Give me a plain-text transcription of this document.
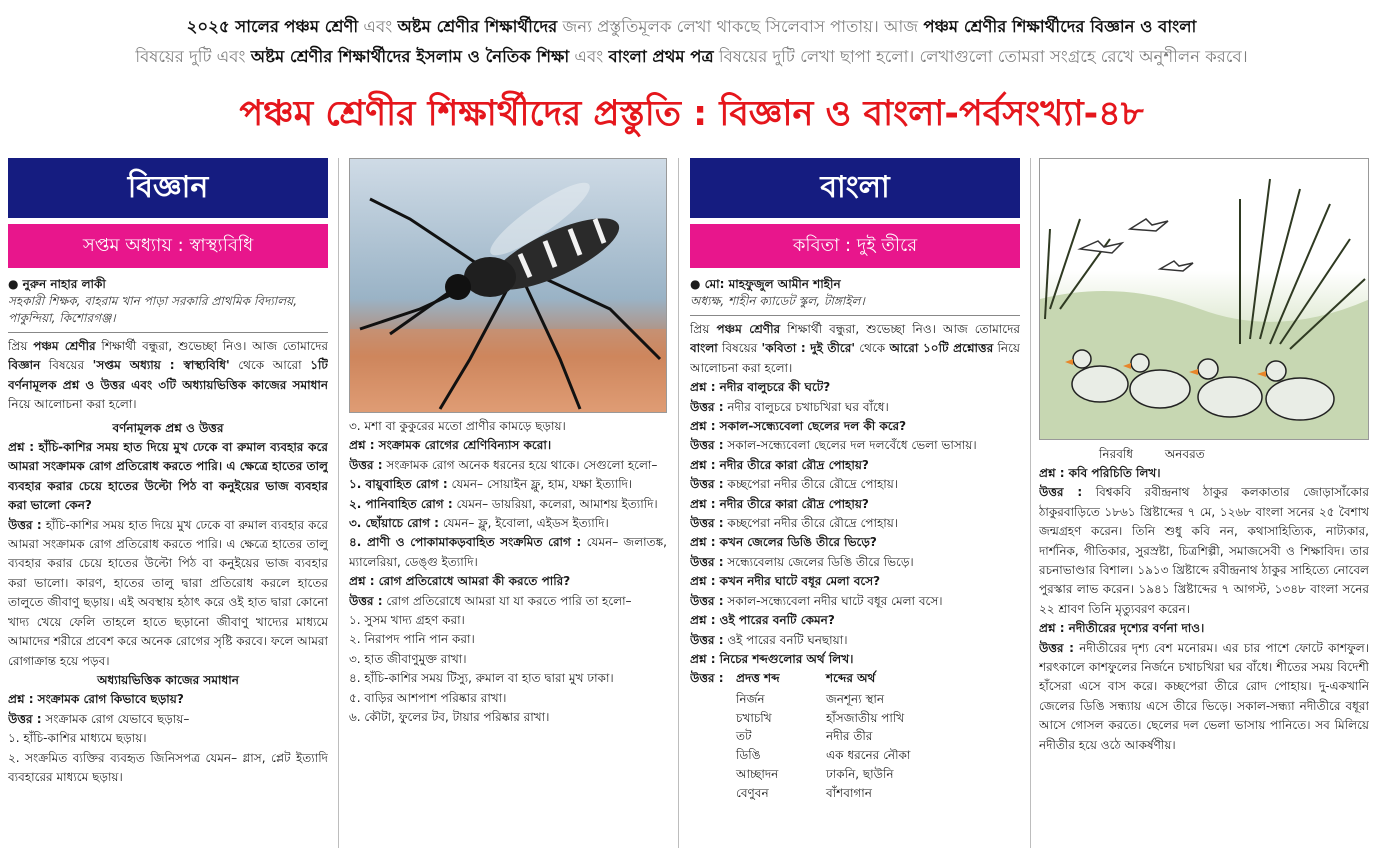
২০২৫ সালের পঞ্চম শ্রেণী এবং অষ্টম শ্রেণীর শিক্ষার্থীদের জন্য প্রস্তুতিমূলক লেখা থাকছে সিলেবাস পাতায়। আজ পঞ্চম শ্রেণীর শিক্ষার্থীদের বিজ্ঞান ও বাংলা
বিষয়ের দুটি এবং অষ্টম শ্রেণীর শিক্ষার্থীদের ইসলাম ও নৈতিক শিক্ষা এবং বাংলা প্রথম পত্র বিষয়ের দুটি লেখা ছাপা হলো। লেখাগুলো তোমরা সংগ্রহে রেখে অনুশীলন করবে।
পঞ্চম শ্রেণীর শিক্ষার্থীদের প্রস্তুতি : বিজ্ঞান ও বাংলা-পর্বসংখ্যা-৪৮
বিজ্ঞান
সপ্তম অধ্যায় : স্বাস্থ্যবিধি
● নুরুন নাহার লাকী
সহকারী শিক্ষক, বাহরাম খান পাড়া সরকারি প্রাথমিক বিদ্যালয়, পাকুন্দিয়া, কিশোরগঞ্জ।

প্রিয় পঞ্চম শ্রেণীর শিক্ষার্থী বন্ধুরা, শুভেচ্ছা নিও। আজ তোমাদের বিজ্ঞান বিষয়ের 'সপ্তম অধ্যায় : স্বাস্থ্যবিধি' থেকে আরো ১টি বর্ণনামূলক প্রশ্ন ও উত্তর এবং ৩টি অধ্যায়ভিত্তিক কাজের সমাধান নিয়ে আলোচনা করা হলো।

বর্ণনামূলক প্রশ্ন ও উত্তর

প্রশ্ন : হাঁচি-কাশির সময় হাত দিয়ে মুখ ঢেকে বা রুমাল ব্যবহার করে আমরা সংক্রামক রোগ প্রতিরোধ করতে পারি। এ ক্ষেত্রে হাতের তালু ব্যবহার করার চেয়ে হাতের উল্টো পিঠ বা কনুইয়ের ভাজ ব্যবহার করা ভালো কেন?

উত্তর : হাঁচি-কাশির সময় হাত দিয়ে মুখ ঢেকে বা রুমাল ব্যবহার করে আমরা সংক্রামক রোগ প্রতিরোধ করতে পারি। এ ক্ষেত্রে হাতের তালু ব্যবহার করার চেয়ে হাতের উল্টো পিঠ বা কনুইয়ের ভাজ ব্যবহার করা ভালো। কারণ, হাতের তালু দ্বারা প্রতিরোধ করলে হাতের তালুতে জীবাণু ছড়ায়। এই অবস্থায় হঠাৎ করে ওই হাত দ্বারা কোনো খাদ্য খেয়ে ফেলি তাহলে হাতে ছড়ানো জীবাণু খাদ্যের মাধ্যমে আমাদের শরীরে প্রবেশ করে অনেক রোগের সৃষ্টি করবে। ফলে আমরা রোগাক্রান্ত হয়ে পড়ব।

অধ্যায়ভিত্তিক কাজের সমাধান

প্রশ্ন : সংক্রামক রোগ কিভাবে ছড়ায়?

উত্তর : সংক্রামক রোগ যেভাবে ছড়ায়–

১. হাঁচি-কাশির মাধ্যমে ছড়ায়।

২. সংক্রমিত ব্যক্তির ব্যবহৃত জিনিসপত্র যেমন– গ্লাস, প্লেট ইত্যাদি ব্যবহারের মাধ্যমে ছড়ায়।

৩. মশা বা কুকুরের মতো প্রাণীর কামড়ে ছড়ায়।

প্রশ্ন : সংক্রামক রোগের শ্রেণিবিন্যাস করো।

উত্তর : সংক্রামক রোগ অনেক ধরনের হয়ে থাকে। সেগুলো হলো–

১. বায়ুবাহিত রোগ : যেমন– সোয়াইন ফ্লু, হাম, যক্ষা ইত্যাদি।

২. পানিবাহিত রোগ : যেমন– ডায়রিয়া, কলেরা, আমাশয় ইত্যাদি।

৩. ছোঁয়াচে রোগ : যেমন– ফ্লু, ইবোলা, এইডস ইত্যাদি।

৪. প্রাণী ও পোকামাকড়বাহিত সংক্রমিত রোগ : যেমন– জলাতঙ্ক, ম্যালেরিয়া, ডেঙ্গু ইত্যাদি।

প্রশ্ন : রোগ প্রতিরোধে আমরা কী করতে পারি?

উত্তর : রোগ প্রতিরোধে আমরা যা যা করতে পারি তা হলো–

১. সুসম খাদ্য গ্রহণ করা।

২. নিরাপদ পানি পান করা।

৩. হাত জীবাণুমুক্ত রাখা।

৪. হাঁচি-কাশির সময় টিস্যু, রুমাল বা হাত দ্বারা মুখ ঢাকা।

৫. বাড়ির আশপাশ পরিষ্কার রাখা।

৬. কৌটা, ফুলের টব, টায়ার পরিষ্কার রাখা।

বাংলা
কবিতা : দুই তীরে
● মো: মাহফুজুল আমীন শাহীন
অধ্যক্ষ, শাহীন ক্যাডেট স্কুল, টাঙ্গাইল।

প্রিয় পঞ্চম শ্রেণীর শিক্ষার্থী বন্ধুরা, শুভেচ্ছা নিও। আজ তোমাদের বাংলা বিষয়ের 'কবিতা : দুই তীরে' থেকে আরো ১০টি প্রশ্নোত্তর নিয়ে আলোচনা করা হলো।

প্রশ্ন : নদীর বালুচরে কী ঘটে?

উত্তর : নদীর বালুচরে চখাচখিরা ঘর বাঁধে।

প্রশ্ন : সকাল-সন্ধ্যেবেলা ছেলের দল কী করে?

উত্তর : সকাল-সন্ধ্যেবেলা ছেলের দল দলবেঁধে ভেলা ভাসায়।

প্রশ্ন : নদীর তীরে কারা রৌদ্র পোহায়?

উত্তর : কচ্ছপেরা নদীর তীরে রৌদ্রে পোহায়।

প্রশ্ন : নদীর তীরে কারা রৌদ্র পোহায়?

উত্তর : কচ্ছপেরা নদীর তীরে রৌদ্রে পোহায়।

প্রশ্ন : কখন জেলের ডিঙি তীরে ভিড়ে?

উত্তর : সন্ধ্যেবেলায় জেলের ডিঙি তীরে ভিড়ে।

প্রশ্ন : কখন নদীর ঘাটে বধূর মেলা বসে?

উত্তর : সকাল-সন্ধ্যেবেলা নদীর ঘাটে বধূর মেলা বসে।

প্রশ্ন : ওই পারের বনটি কেমন?

উত্তর : ওই পারের বনটি ঘনছায়া।

প্রশ্ন : নিচের শব্দগুলোর অর্থ লিখ।

উত্তর :	প্রদত্ত শব্দ	শব্দের অর্থ
নির্জন	জনশূন্য স্থান
চখাচখি	হাঁসজাতীয় পাখি
তট	নদীর তীর
ডিঙি	এক ধরনের নৌকা
আচ্ছাদন	ঢাকনি, ছাউনি
বেণুবন	বাঁশবাগান
নিরবধি	অনবরত

প্রশ্ন : কবি পরিচিতি লিখ।

উত্তর : বিশ্বকবি রবীন্দ্রনাথ ঠাকুর কলকাতার জোড়াসাঁকোর ঠাকুরবাড়িতে ১৮৬১ খ্রিষ্টাব্দের ৭ মে, ১২৬৮ বাংলা সনের ২৫ বৈশাখ জন্মগ্রহণ করেন। তিনি শুধু কবি নন, কথাসাহিত্যিক, নাট্যকার, দার্শনিক, গীতিকার, সুরস্রষ্টা, চিত্রশিল্পী, সমাজসেবী ও শিক্ষাবিদ। তার রচনাভাণ্ডার বিশাল। ১৯১৩ খ্রিষ্টাব্দে রবীন্দ্রনাথ ঠাকুর সাহিত্যে নোবেল পুরস্কার লাভ করেন। ১৯৪১ খ্রিষ্টাব্দের ৭ আগস্ট, ১৩৪৮ বাংলা সনের ২২ শ্রাবণ তিনি মৃত্যুবরণ করেন।

প্রশ্ন : নদীতীরের দৃশ্যের বর্ণনা দাও।

উত্তর : নদীতীরের দৃশ্য বেশ মনোরম। এর চার পাশে ফোটে কাশফুল। শরৎকালে কাশফুলের নির্জনে চখাচখিরা ঘর বাঁধে। শীতের সময় বিদেশী হাঁসেরা এসে বাস করে। কচ্ছপেরা তীরে রোদ পোহায়। দু-একখানি জেলের ডিঙি সন্ধ্যায় এসে তীরে ভিড়ে। সকাল-সন্ধ্যা নদীতীরে বধূরা আসে গোসল করতে। ছেলের দল ভেলা ভাসায় পানিতে। সব মিলিয়ে নদীতীর হয়ে ওঠে আকর্ষণীয়।
